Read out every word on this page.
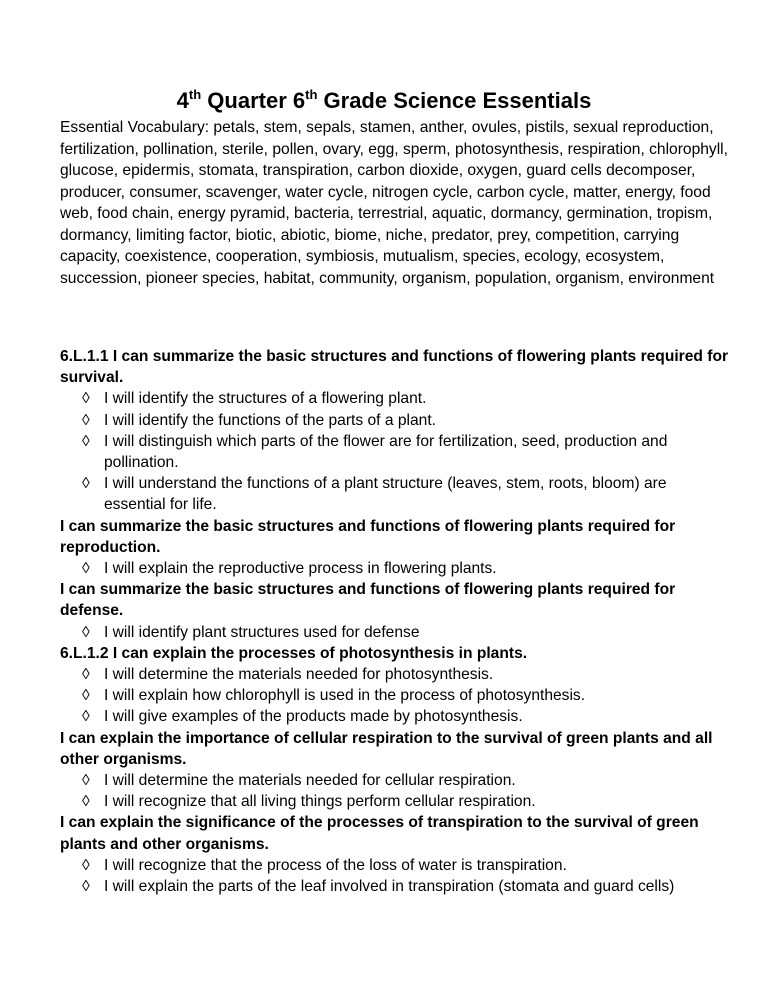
4th Quarter 6th Grade Science Essentials
Essential Vocabulary: petals, stem, sepals, stamen, anther, ovules, pistils, sexual reproduction, fertilization, pollination, sterile, pollen, ovary, egg, sperm, photosynthesis, respiration, chlorophyll, glucose, epidermis, stomata, transpiration, carbon dioxide, oxygen, guard cells decomposer, producer, consumer, scavenger, water cycle, nitrogen cycle, carbon cycle, matter, energy, food web, food chain, energy pyramid, bacteria, terrestrial, aquatic, dormancy, germination, tropism, dormancy, limiting factor, biotic, abiotic, biome, niche, predator, prey, competition, carrying capacity, coexistence, cooperation, symbiosis, mutualism, species, ecology, ecosystem, succession, pioneer species, habitat, community, organism, population, organism, environment

6.L.1.1 I can summarize the basic structures and functions of flowering plants required for survival.

◊ I will identify the structures of a flowering plant.
◊ I will identify the functions of the parts of a plant.
◊ I will distinguish which parts of the flower are for fertilization, seed, production and pollination.
◊ I will understand the functions of a plant structure (leaves, stem, roots, bloom) are essential for life.

I can summarize the basic structures and functions of flowering plants required for reproduction.

◊ I will explain the reproductive process in flowering plants.

I can summarize the basic structures and functions of flowering plants required for defense.

◊ I will identify plant structures used for defense

6.L.1.2 I can explain the processes of photosynthesis in plants.

◊ I will determine the materials needed for photosynthesis.
◊ I will explain how chlorophyll is used in the process of photosynthesis.
◊ I will give examples of the products made by photosynthesis.

I can explain the importance of cellular respiration to the survival of green plants and all other organisms.

◊ I will determine the materials needed for cellular respiration.
◊ I will recognize that all living things perform cellular respiration.

I can explain the significance of the processes of transpiration to the survival of green plants and other organisms.

◊ I will recognize that the process of the loss of water is transpiration.
◊ I will explain the parts of the leaf involved in transpiration (stomata and guard cells)
